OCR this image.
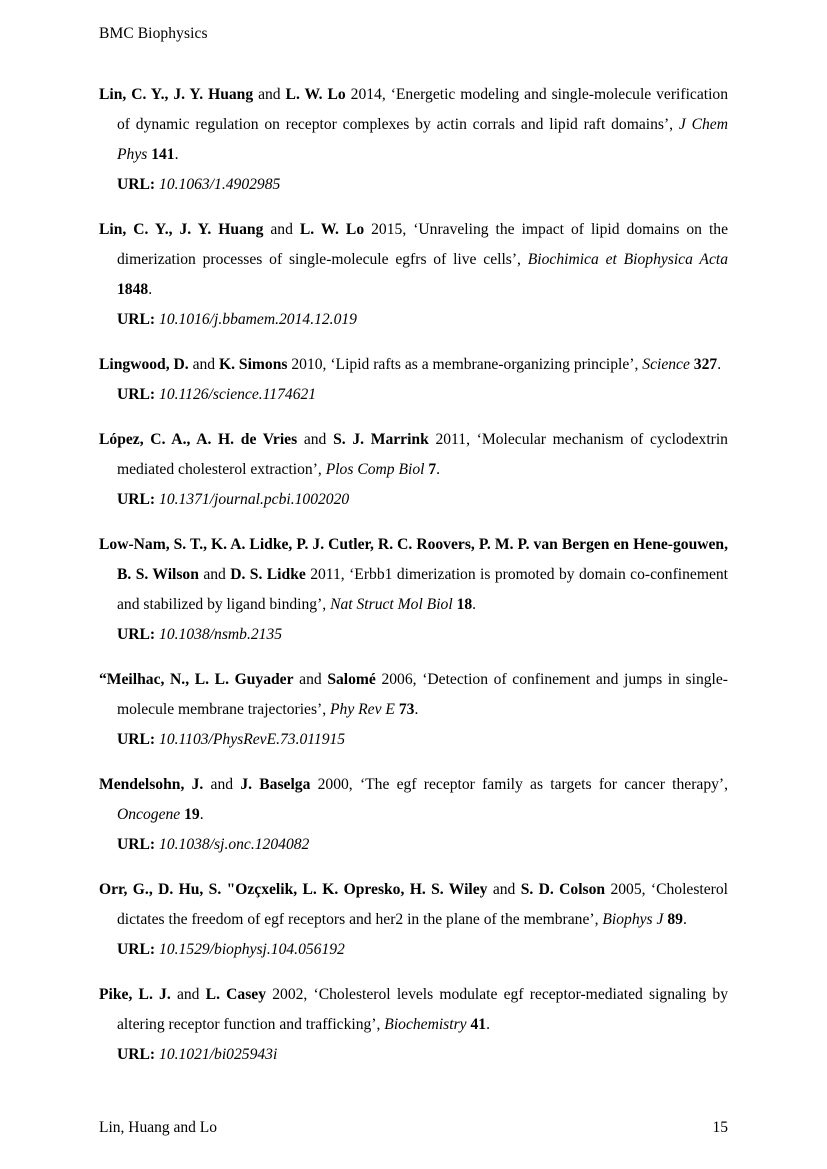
BMC Biophysics
Lin, C. Y., J. Y. Huang and L. W. Lo 2014, ‘Energetic modeling and single-molecule verification of dynamic regulation on receptor complexes by actin corrals and lipid raft domains’, J Chem Phys 141.
URL: 10.1063/1.4902985
Lin, C. Y., J. Y. Huang and L. W. Lo 2015, ‘Unraveling the impact of lipid domains on the dimerization processes of single-molecule egfrs of live cells’, Biochimica et Biophysica Acta 1848.
URL: 10.1016/j.bbamem.2014.12.019
Lingwood, D. and K. Simons 2010, ‘Lipid rafts as a membrane-organizing principle’, Science 327.
URL: 10.1126/science.1174621
López, C. A., A. H. de Vries and S. J. Marrink 2011, ‘Molecular mechanism of cyclodextrin mediated cholesterol extraction’, Plos Comp Biol 7.
URL: 10.1371/journal.pcbi.1002020
Low-Nam, S. T., K. A. Lidke, P. J. Cutler, R. C. Roovers, P. M. P. van Bergen en Hene-gouwen, B. S. Wilson and D. S. Lidke 2011, ‘Erbb1 dimerization is promoted by domain co-confinement and stabilized by ligand binding’, Nat Struct Mol Biol 18.
URL: 10.1038/nsmb.2135
“Meilhac, N., L. L. Guyader and Salomé 2006, ‘Detection of confinement and jumps in single-molecule membrane trajectories’, Phy Rev E 73.
URL: 10.1103/PhysRevE.73.011915
Mendelsohn, J. and J. Baselga 2000, ‘The egf receptor family as targets for cancer therapy’, Oncogene 19.
URL: 10.1038/sj.onc.1204082
Orr, G., D. Hu, S. "Ozçxelik, L. K. Opresko, H. S. Wiley and S. D. Colson 2005, ‘Cholesterol dictates the freedom of egf receptors and her2 in the plane of the membrane’, Biophys J 89.
URL: 10.1529/biophysj.104.056192
Pike, L. J. and L. Casey 2002, ‘Cholesterol levels modulate egf receptor-mediated signaling by altering receptor function and trafficking’, Biochemistry 41.
URL: 10.1021/bi025943i
Lin, Huang and Lo	15
